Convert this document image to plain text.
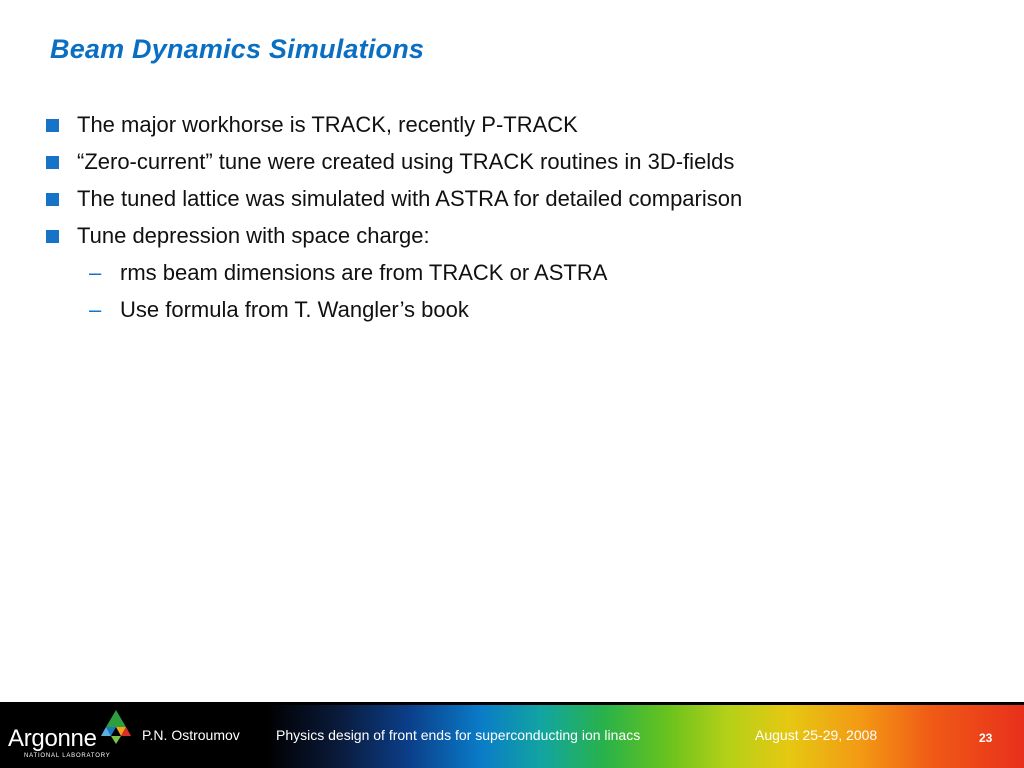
Beam Dynamics Simulations
The major workhorse is TRACK, recently P-TRACK
“Zero-current” tune were created using TRACK routines in 3D-fields
The tuned lattice was simulated with ASTRA for detailed comparison
Tune depression with space charge:
– rms beam dimensions are from TRACK or ASTRA
– Use formula from T. Wangler’s book
Argonne
NATIONAL LABORATORY
P.N. Ostroumov	Physics design of front ends for superconducting ion linacs	August 25-29, 2008	23
